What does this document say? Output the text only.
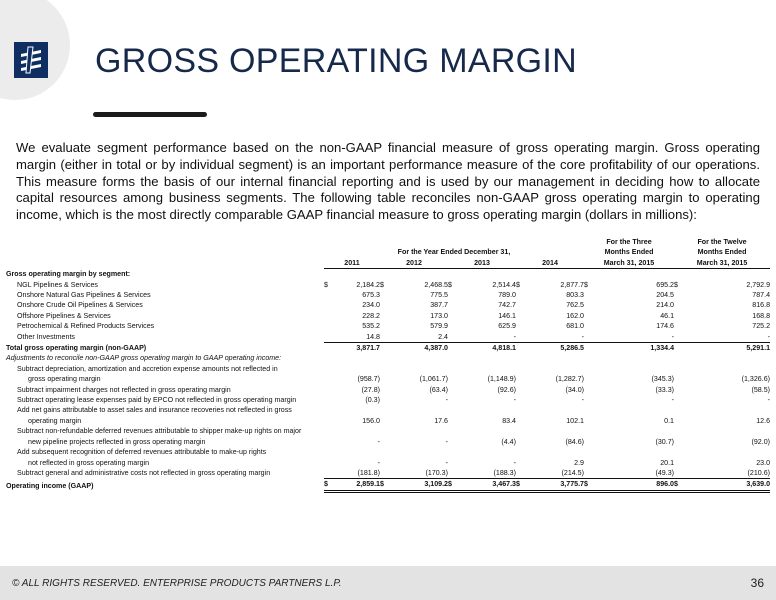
GROSS OPERATING MARGIN

We evaluate segment performance based on the non-GAAP financial measure of gross operating margin. Gross operating margin (either in total or by individual segment) is an important performance measure of the core profitability of our operations. This measure forms the basis of our internal financial reporting and is used by our management in deciding how to allocate capital resources among business segments. The following table reconciles non-GAAP gross operating margin to operating income, which is the most directly comparable GAAP financial measure to gross operating margin (dollars in millions):

									For the Three		For the Twelve	
	For the Year Ended December 31,								Months Ended		Months Ended	
	2011		2012		2013		2014		March 31, 2015		March 31, 2015	
Gross operating margin by segment:												
NGL Pipelines & Services	$	2,184.2	$	2,468.5	$	2,514.4	$	2,877.7	$	695.2	$	2,792.9
Onshore Natural Gas Pipelines & Services		675.3		775.5		789.0		803.3		204.5		787.4
Onshore Crude Oil Pipelines & Services		234.0		387.7		742.7		762.5		214.0		816.8
Offshore Pipelines & Services		228.2		173.0		146.1		162.0		46.1		168.8
Petrochemical & Refined Products Services		535.2		579.9		625.9		681.0		174.6		725.2
Other Investments		14.8		2.4		-		-		-		-
Total gross operating margin (non-GAAP)		3,871.7		4,387.0		4,818.1		5,286.5		1,334.4		5,291.1
Adjustments to reconcile non-GAAP gross operating margin to GAAP operating income:												
Subtract depreciation, amortization and accretion expense amounts not reflected in												
gross operating margin		(958.7)		(1,061.7)		(1,148.9)		(1,282.7)		(345.3)		(1,326.6)
Subtract impairment charges not reflected in gross operating margin		(27.8)		(63.4)		(92.6)		(34.0)		(33.3)		(58.5)
Subtract operating lease expenses paid by EPCO not reflected in gross operating margin		(0.3)		-		-		-		-		-
Add net gains attributable to asset sales and insurance recoveries not reflected in gross												
operating margin		156.0		17.6		83.4		102.1		0.1		12.6
Subtract non-refundable deferred revenues attributable to shipper make-up rights on major												
new pipeline projects reflected in gross operating margin		-		-		(4.4)		(84.6)		(30.7)		(92.0)
Add subsequent recognition of deferred revenues attributable to make-up rights												
not reflected in gross operating margin		-		-		-		2.9		20.1		23.0
Subtract general and administrative costs not reflected in gross operating margin		(181.8)		(170.3)		(188.3)		(214.5)		(49.3)		(210.6)
Operating income (GAAP)	$	2,859.1	$	3,109.2	$	3,467.3	$	3,775.7	$	896.0	$	3,639.0
© ALL RIGHTS RESERVED. ENTERPRISE PRODUCTS PARTNERS L.P.	36
